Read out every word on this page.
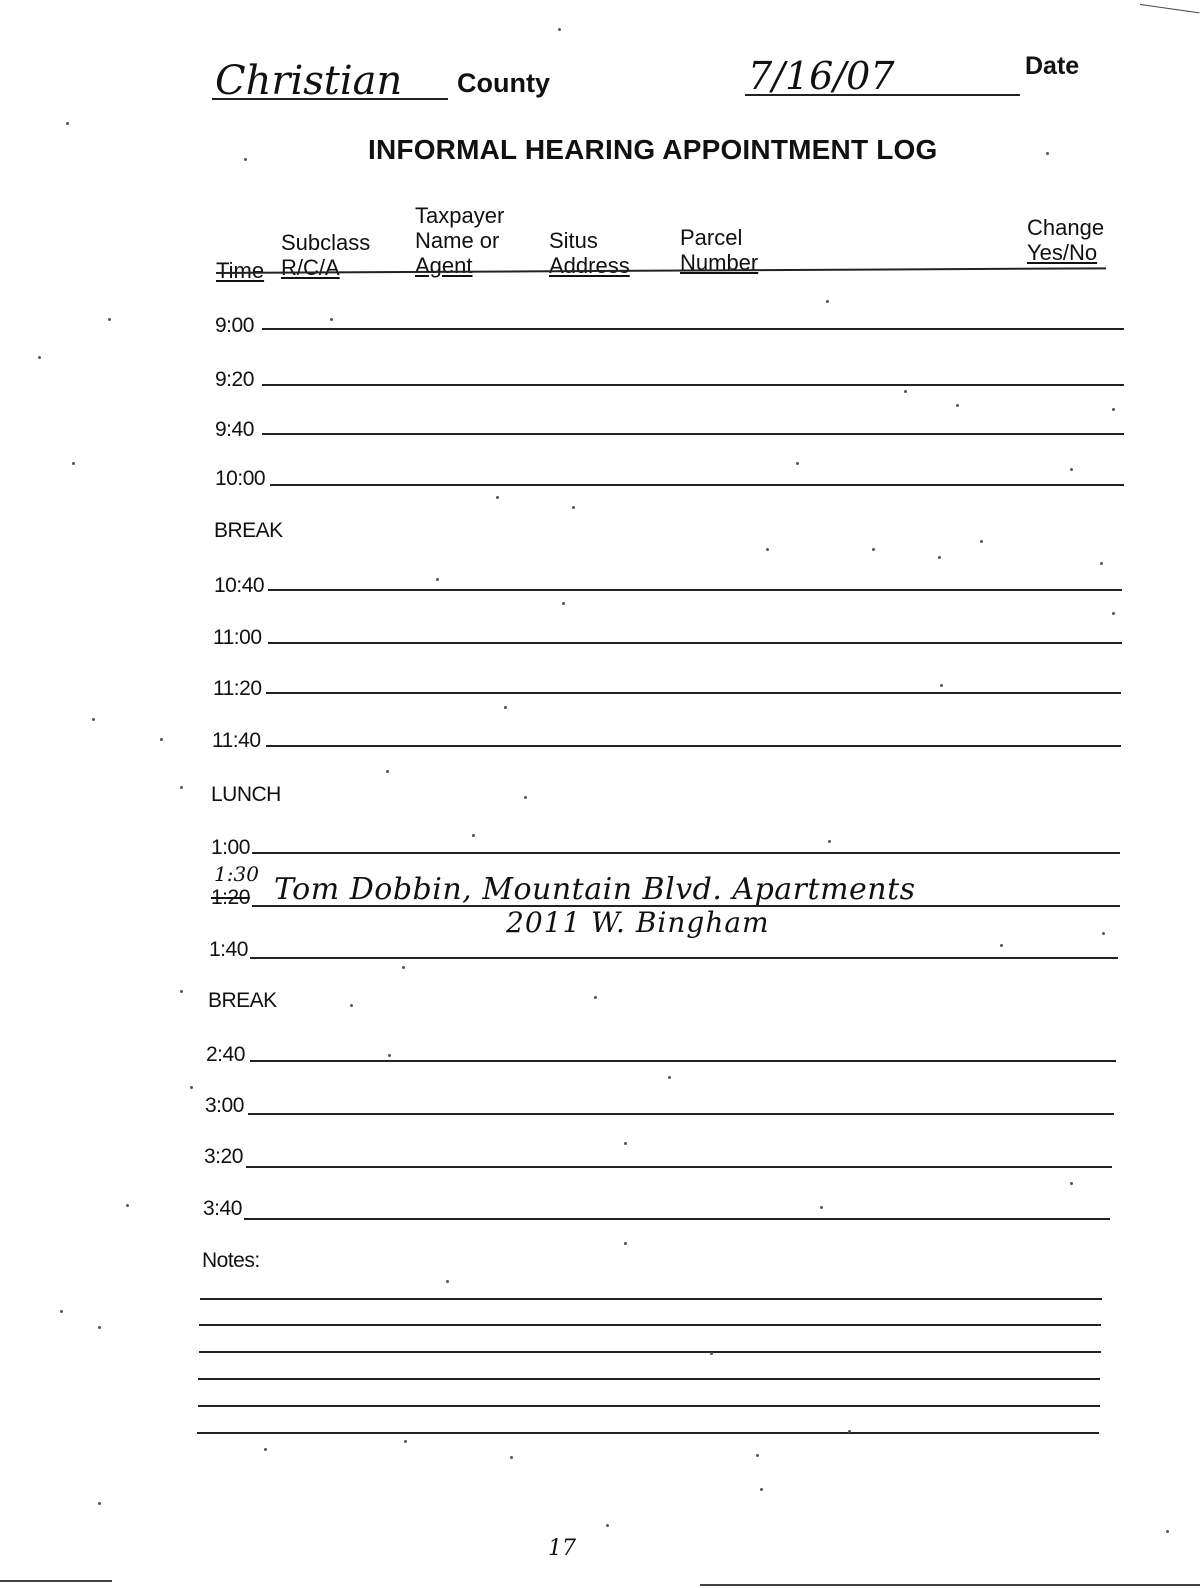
Christian County	7/16/07	Date
INFORMAL HEARING APPOINTMENT LOG
Time
Subclass
R/C/A
Taxpayer
Name or
Agent
Situs
Address
Parcel
Number
Change
Yes/No
9:00
9:20
9:40
10:00
BREAK
10:40
11:00
11:20
11:40
LUNCH
1:00
1:20
1:30 Tom Dobbin, Mountain Blvd. Apartments
2011 W. Bingham
1:40
BREAK
2:40
3:00
3:20
3:40
Notes:
17
